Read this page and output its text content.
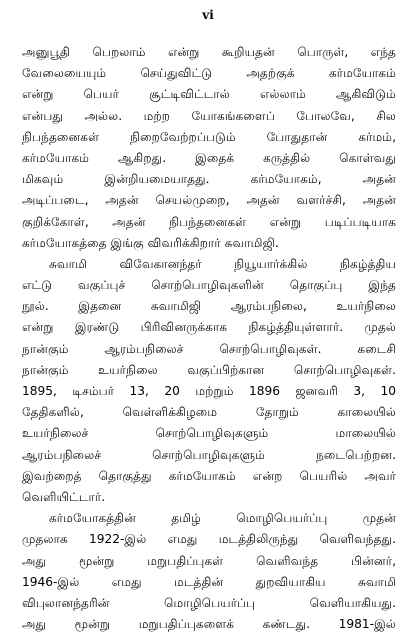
vi
அனுபூதி பெறலாம் என்று கூறியதன் பொருள், எந்த
வேலையையும் செய்துவிட்டு அதற்குக் கர்மயோகம்
என்று பெயர் சூட்டிவிட்டால் எல்லாம் ஆகிவிடும்
என்பது அல்ல. மற்ற யோகங்களைப் போலவே, சில
நிபந்தனைகள் நிறைவேற்றப்படும் போதுதான் கர்மம்,
கர்மயோகம் ஆகிறது. இதைக் கருத்தில் கொள்வது
மிகவும் இன்றியமையாதது. கர்மயோகம், அதன்
அடிப்படை, அதன் செயல்முறை, அதன் வளர்ச்சி, அதன்
குறிக்கோள், அதன் நிபந்தனைகள் என்று படிப்படியாக
கர்மயோகத்தை இங்கு விவரிக்கிறார் சுவாமிஜி.
சுவாமி விவேகானந்தர் நியூயார்க்கில் நிகழ்த்திய
எட்டு வகுப்புச் சொற்பொழிவுகளின் தொகுப்பு இந்த
நூல். இதனை சுவாமிஜி ஆரம்பநிலை, உயர்நிலை
என்று இரண்டு பிரிவினருக்காக நிகழ்த்தியுள்ளார். முதல்
நான்கும் ஆரம்பநிலைச் சொற்பொழிவுகள். கடைசி
நான்கும் உயர்நிலை வகுப்பிற்கான சொற்பொழிவுகள்.
1895, டிசம்பர் 13, 20 மற்றும் 1896 ஜனவரி 3, 10
தேதிகளில், வெள்ளிக்கிழமை தோறும் காலையில்
உயர்நிலைச் சொற்பொழிவுகளும் மாலையில்
ஆரம்பநிலைச் சொற்பொழிவுகளும் நடைபெற்றன.
இவற்றைத் தொகுத்து கர்மயோகம் என்ற பெயரில் அவர்
வெளியிட்டார்.
கர்மயோகத்தின் தமிழ் மொழிபெயர்ப்பு முதன்
முதலாக 1922-இல் எமது மடத்திலிருந்து வெளிவந்தது.
அது மூன்று மறுபதிப்புகள் வெளிவந்த பின்னர்,
1946-இல் எமது மடத்தின் துறவியாகிய சுவாமி
விபுலானந்தரின் மொழிபெயர்ப்பு வெளியாகியது.
அது மூன்று மறுபதிப்புகளைக் கண்டது. 1981-இல்
